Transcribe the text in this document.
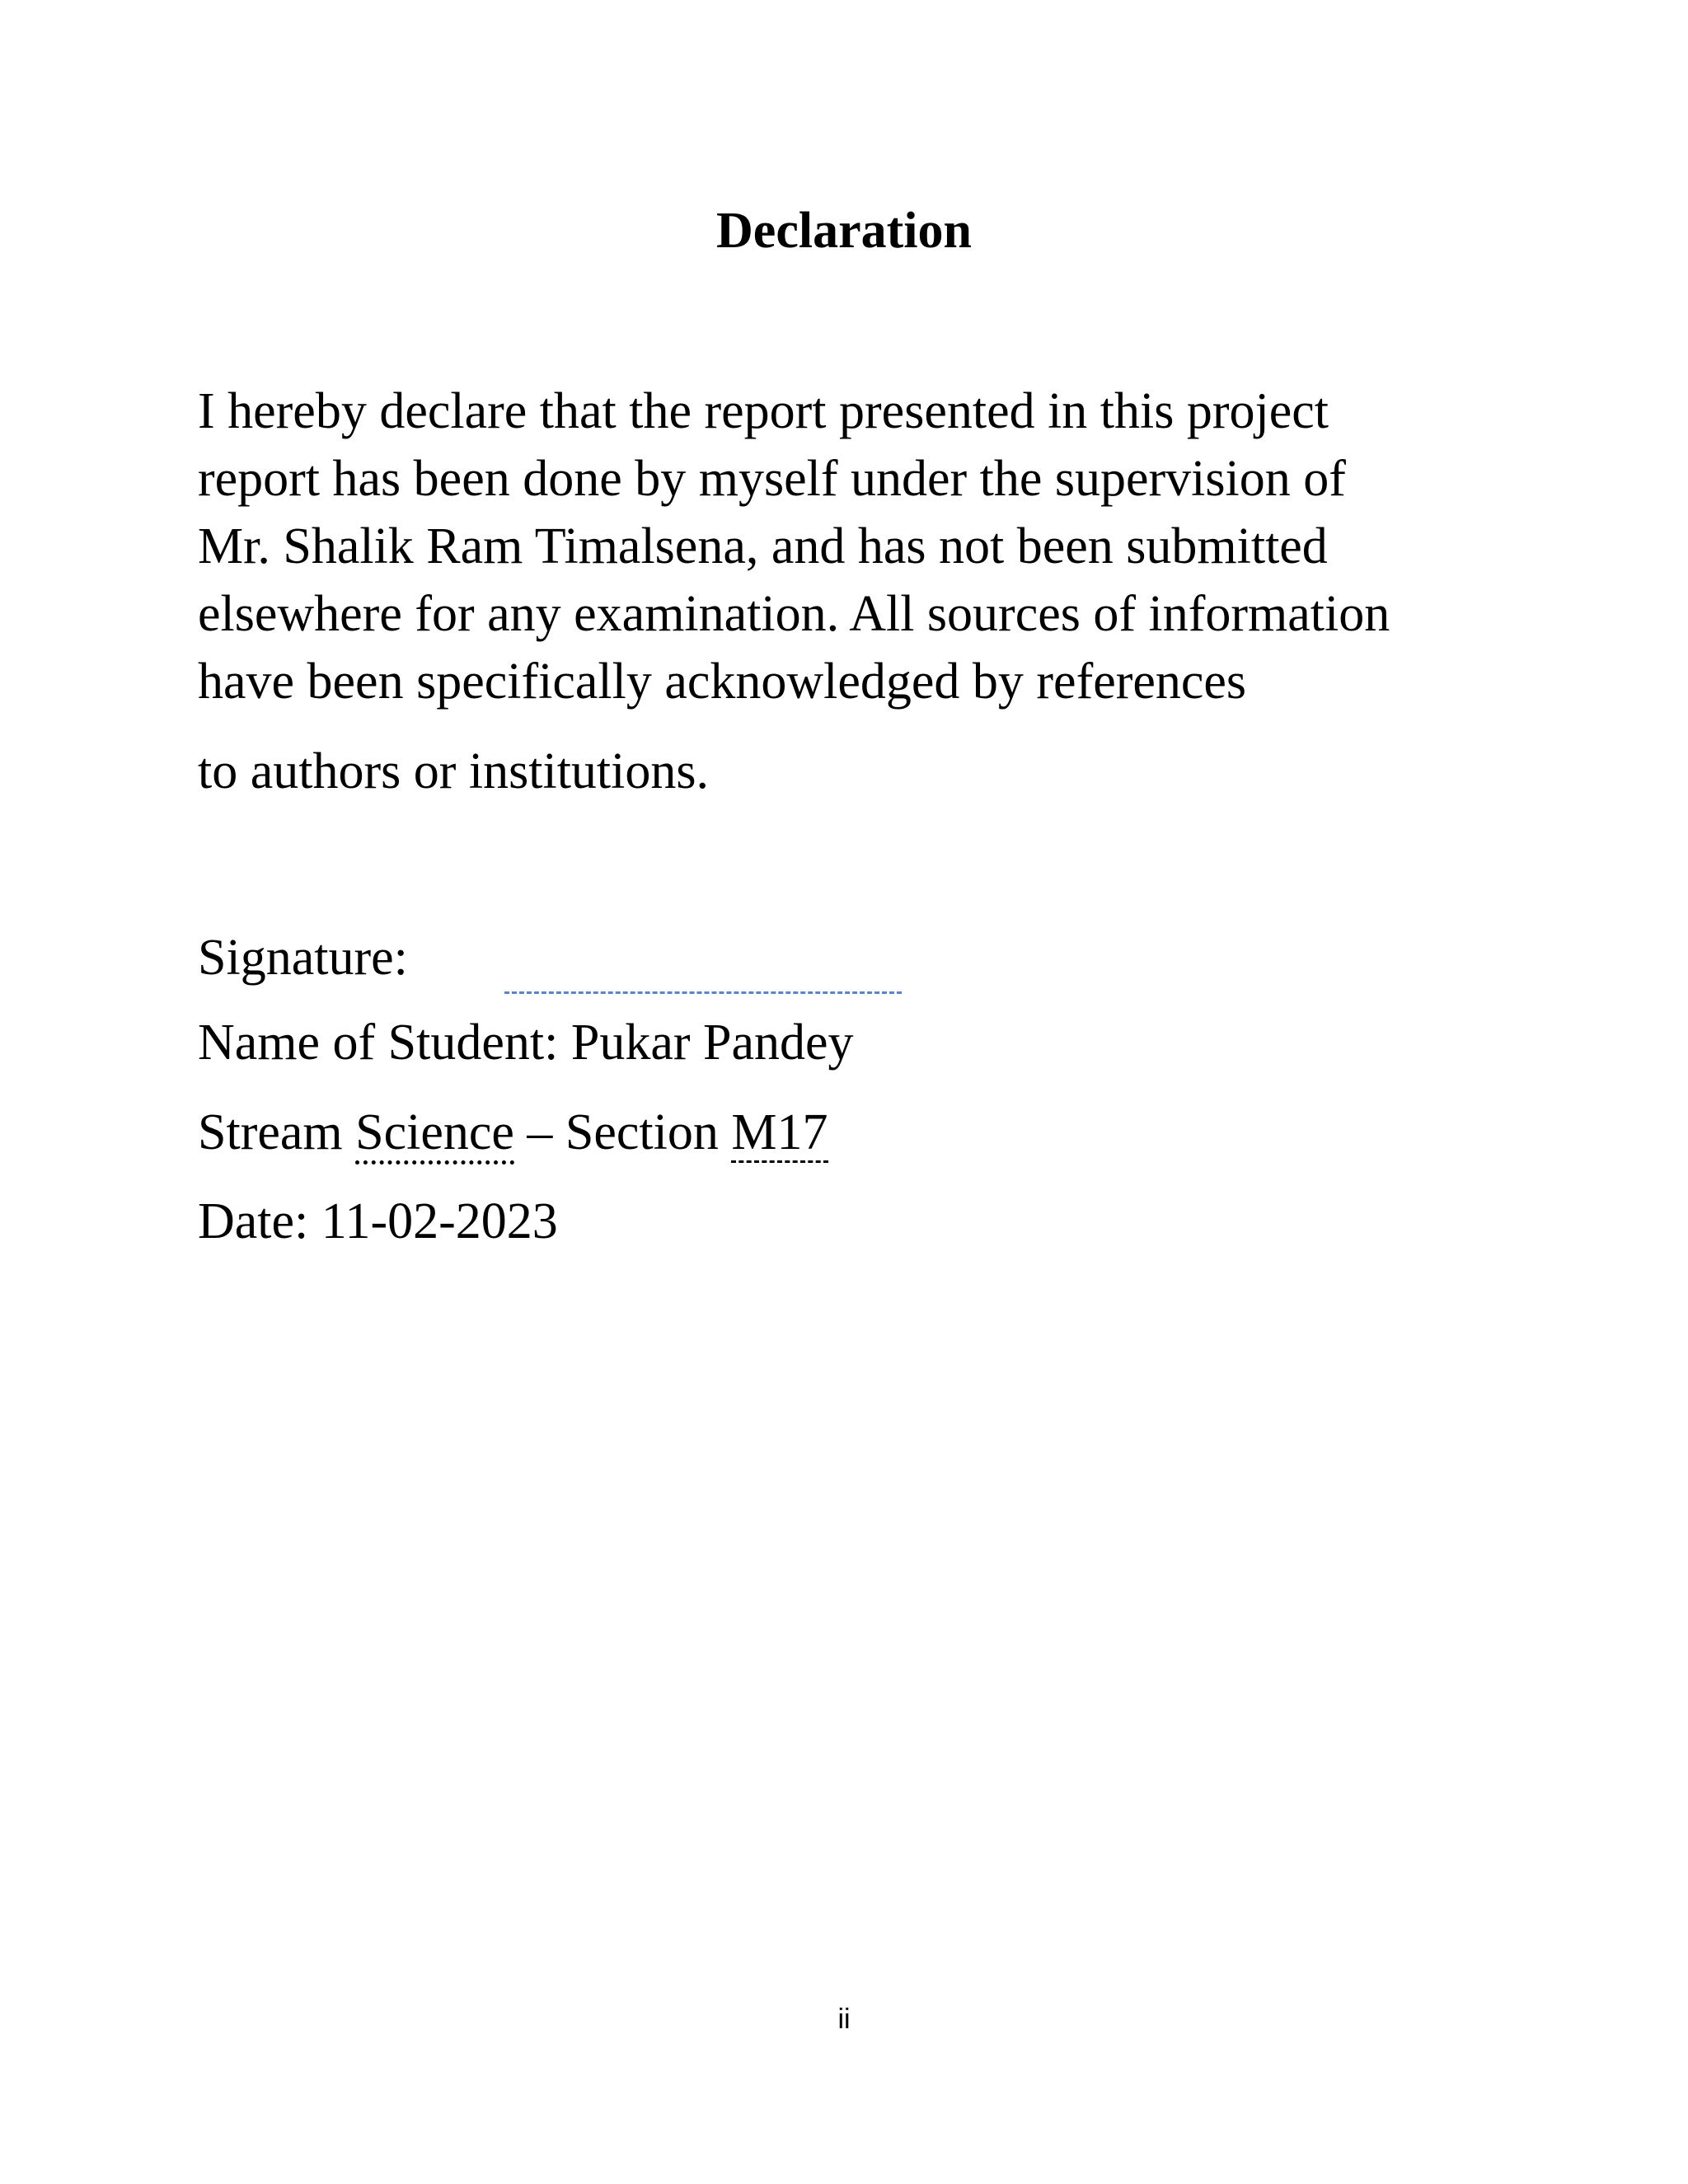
Declaration
I hereby declare that the report presented in this project
report has been done by myself under the supervision of
Mr. Shalik Ram Timalsena, and has not been submitted
elsewhere for any examination. All sources of information
have been specifically acknowledged by references
to authors or institutions.
Signature:
Name of Student: Pukar Pandey
Stream Science – Section M17
Date: 11-02-2023
ii
